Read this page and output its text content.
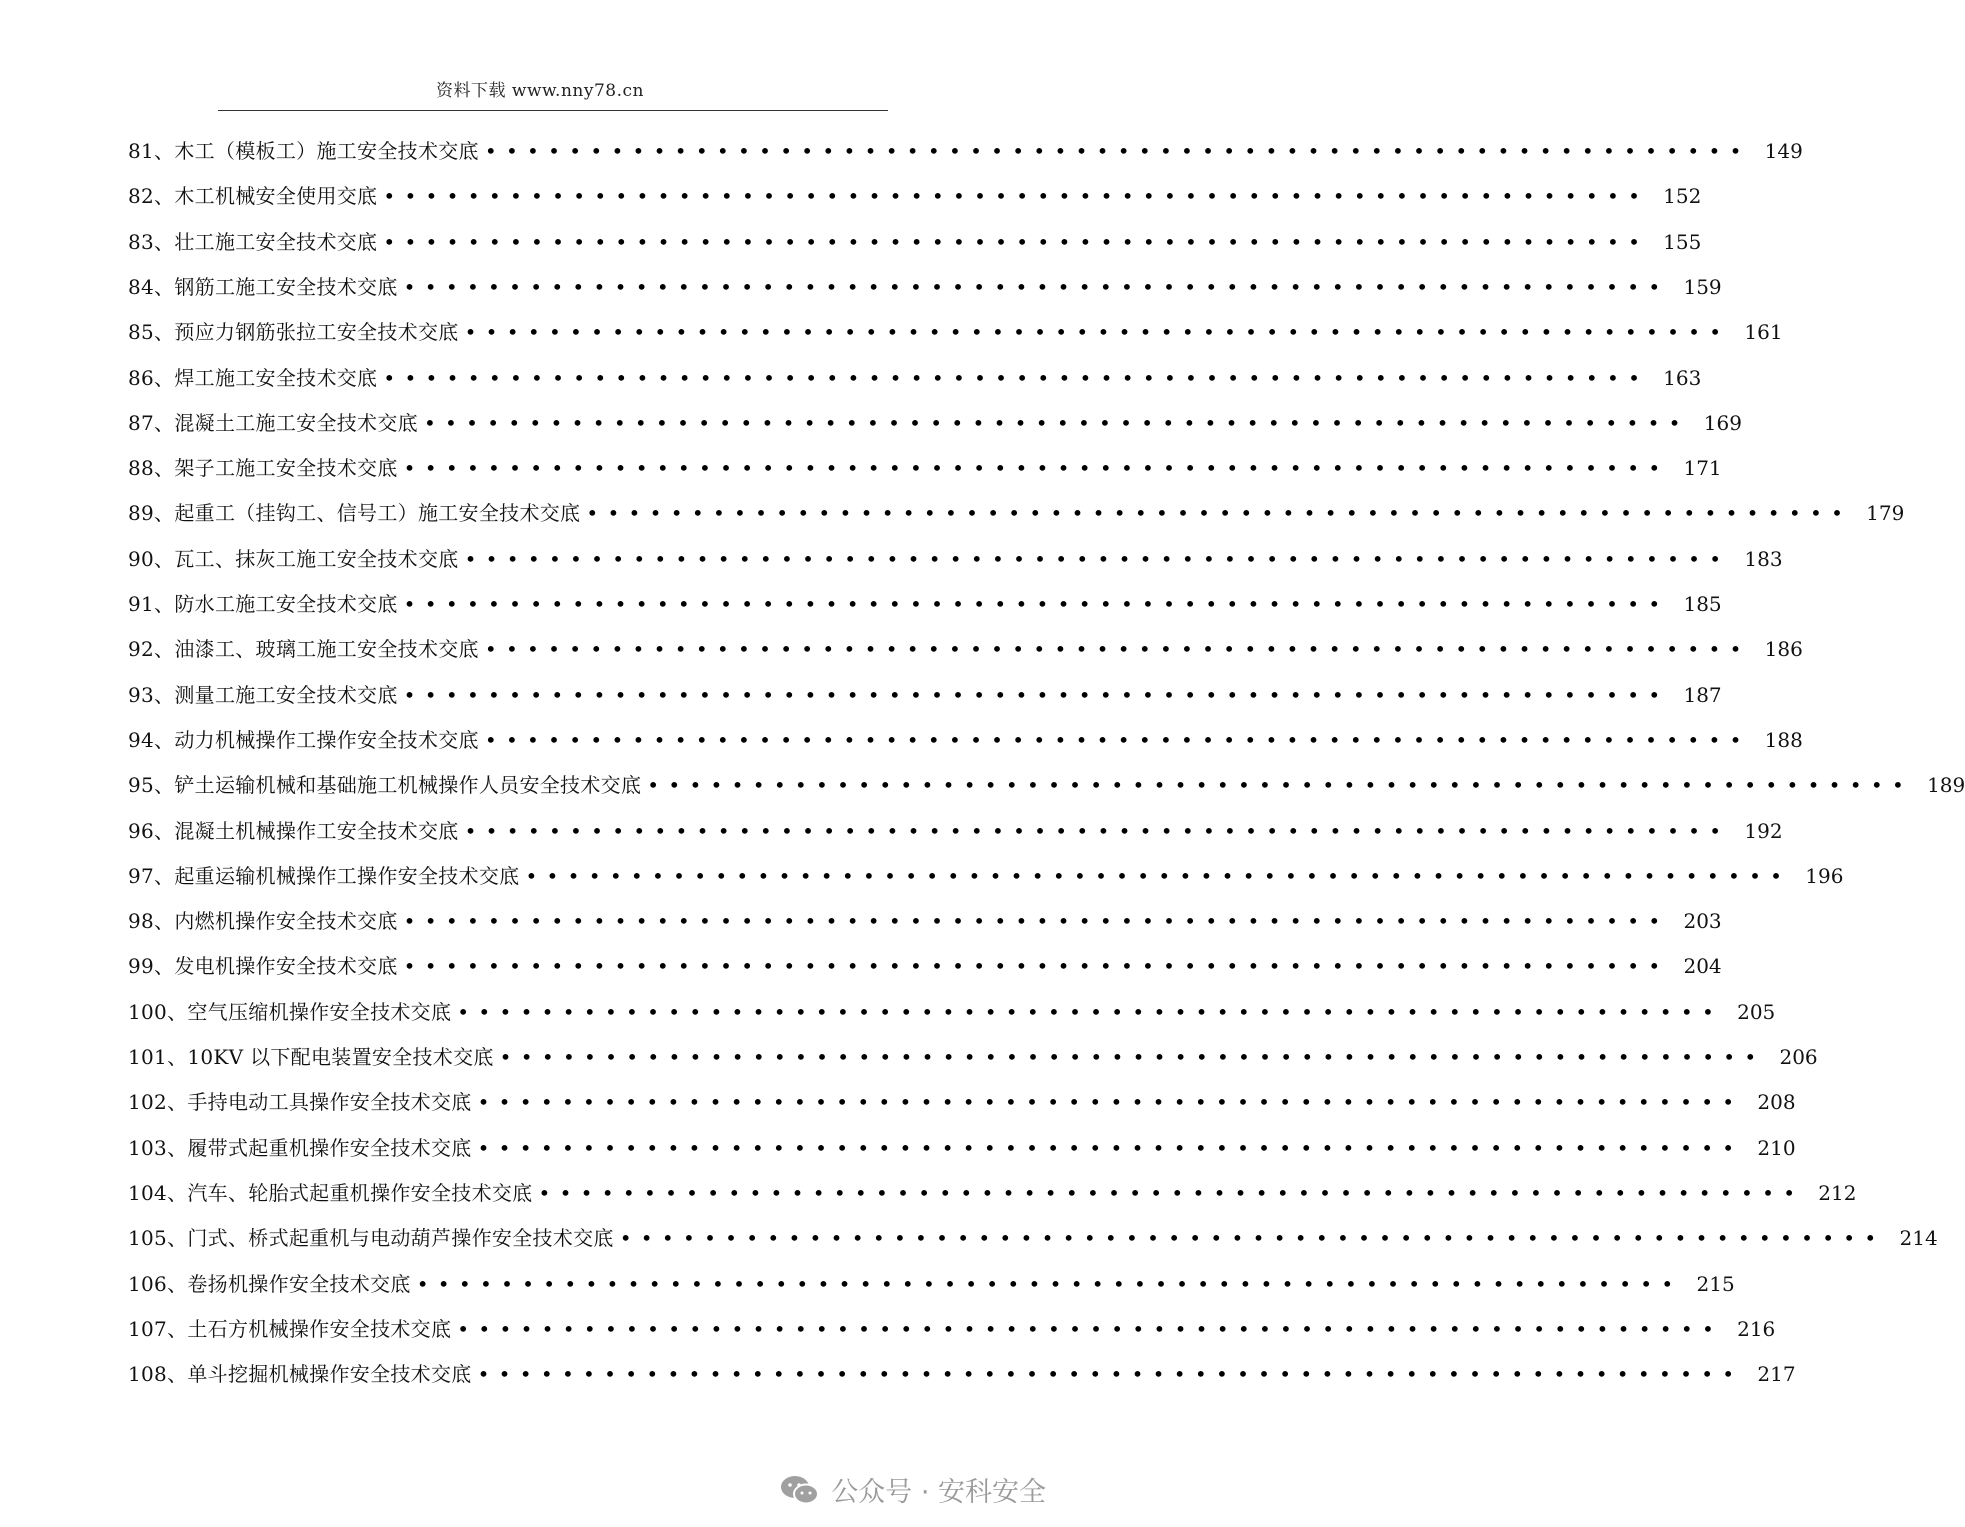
资料下载 www.nny78.cn
81、木工（模板工）施工安全技术交底 •••••••••••••••••••••••••••••••••••••••••••••••••••••••••••• 149
82、木工机械安全使用交底 •••••••••••••••••••••••••••••••••••••••••••••••••••••••••••• 152
83、壮工施工安全技术交底 •••••••••••••••••••••••••••••••••••••••••••••••••••••••••••• 155
84、钢筋工施工安全技术交底 •••••••••••••••••••••••••••••••••••••••••••••••••••••••••••• 159
85、预应力钢筋张拉工安全技术交底 •••••••••••••••••••••••••••••••••••••••••••••••••••••••••••• 161
86、焊工施工安全技术交底 •••••••••••••••••••••••••••••••••••••••••••••••••••••••••••• 163
87、混凝土工施工安全技术交底 •••••••••••••••••••••••••••••••••••••••••••••••••••••••••••• 169
88、架子工施工安全技术交底 •••••••••••••••••••••••••••••••••••••••••••••••••••••••••••• 171
89、起重工（挂钩工、信号工）施工安全技术交底 •••••••••••••••••••••••••••••••••••••••••••••••••••••••••••• 179
90、瓦工、抹灰工施工安全技术交底 •••••••••••••••••••••••••••••••••••••••••••••••••••••••••••• 183
91、防水工施工安全技术交底 •••••••••••••••••••••••••••••••••••••••••••••••••••••••••••• 185
92、油漆工、玻璃工施工安全技术交底 •••••••••••••••••••••••••••••••••••••••••••••••••••••••••••• 186
93、测量工施工安全技术交底 •••••••••••••••••••••••••••••••••••••••••••••••••••••••••••• 187
94、动力机械操作工操作安全技术交底 •••••••••••••••••••••••••••••••••••••••••••••••••••••••••••• 188
95、铲土运输机械和基础施工机械操作人员安全技术交底 •••••••••••••••••••••••••••••••••••••••••••••••••••••••••••• 189
96、混凝土机械操作工安全技术交底 •••••••••••••••••••••••••••••••••••••••••••••••••••••••••••• 192
97、起重运输机械操作工操作安全技术交底 •••••••••••••••••••••••••••••••••••••••••••••••••••••••••••• 196
98、内燃机操作安全技术交底 •••••••••••••••••••••••••••••••••••••••••••••••••••••••••••• 203
99、发电机操作安全技术交底 •••••••••••••••••••••••••••••••••••••••••••••••••••••••••••• 204
100、空气压缩机操作安全技术交底 •••••••••••••••••••••••••••••••••••••••••••••••••••••••••••• 205
101、10KV 以下配电装置安全技术交底 •••••••••••••••••••••••••••••••••••••••••••••••••••••••••••• 206
102、手持电动工具操作安全技术交底 •••••••••••••••••••••••••••••••••••••••••••••••••••••••••••• 208
103、履带式起重机操作安全技术交底 •••••••••••••••••••••••••••••••••••••••••••••••••••••••••••• 210
104、汽车、轮胎式起重机操作安全技术交底 •••••••••••••••••••••••••••••••••••••••••••••••••••••••••••• 212
105、门式、桥式起重机与电动葫芦操作安全技术交底 •••••••••••••••••••••••••••••••••••••••••••••••••••••••••••• 214
106、卷扬机操作安全技术交底 •••••••••••••••••••••••••••••••••••••••••••••••••••••••••••• 215
107、土石方机械操作安全技术交底 •••••••••••••••••••••••••••••••••••••••••••••••••••••••••••• 216
108、单斗挖掘机械操作安全技术交底 •••••••••••••••••••••••••••••••••••••••••••••••••••••••••••• 217
公众号 · 安科安全
